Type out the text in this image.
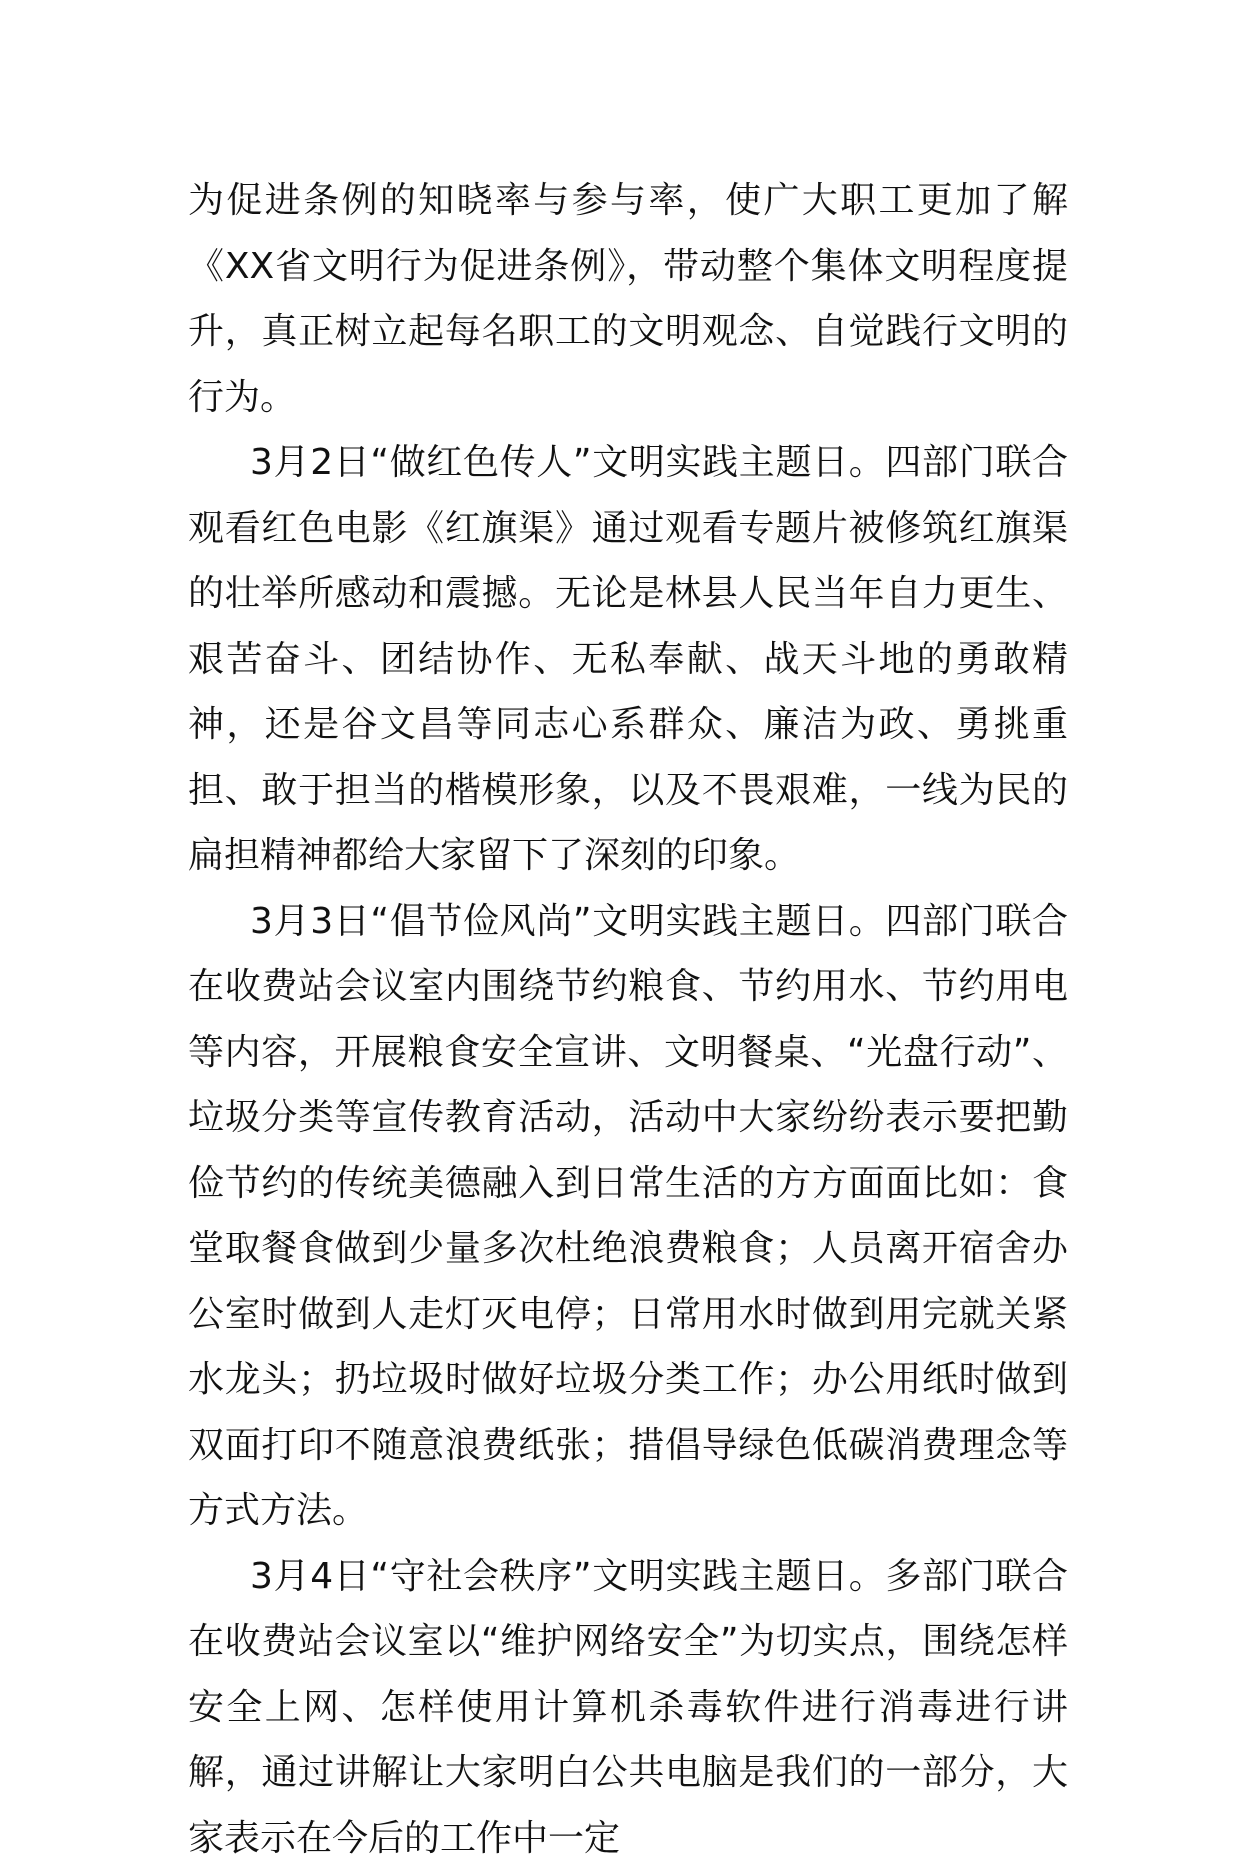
为促进条例的知晓率与参与率，使广大职工更加了解《XX省文明行为促进条例》，带动整个集体文明程度提升，真正树立起每名职工的文明观念、自觉践行文明的行为。

3月2日“做红色传人”文明实践主题日。四部门联合观看红色电影《红旗渠》通过观看专题片被修筑红旗渠的壮举所感动和震撼。无论是林县人民当年自力更生、艰苦奋斗、团结协作、无私奉献、战天斗地的勇敢精神，还是谷文昌等同志心系群众、廉洁为政、勇挑重担、敢于担当的楷模形象，以及不畏艰难，一线为民的扁担精神都给大家留下了深刻的印象。

3月3日“倡节俭风尚”文明实践主题日。四部门联合在收费站会议室内围绕节约粮食、节约用水、节约用电等内容，开展粮食安全宣讲、文明餐桌、“光盘行动”、垃圾分类等宣传教育活动，活动中大家纷纷表示要把勤俭节约的传统美德融入到日常生活的方方面面比如：食堂取餐食做到少量多次杜绝浪费粮食；人员离开宿舍办公室时做到人走灯灭电停；日常用水时做到用完就关紧水龙头；扔垃圾时做好垃圾分类工作；办公用纸时做到双面打印不随意浪费纸张；措倡导绿色低碳消费理念等方式方法。

3月4日“守社会秩序”文明实践主题日。多部门联合在收费站会议室以“维护网络安全”为切实点，围绕怎样安全上网、怎样使用计算机杀毒软件进行消毒进行讲解，通过讲解让大家明白公共电脑是我们的一部分，大家表示在今后的工作中一定
